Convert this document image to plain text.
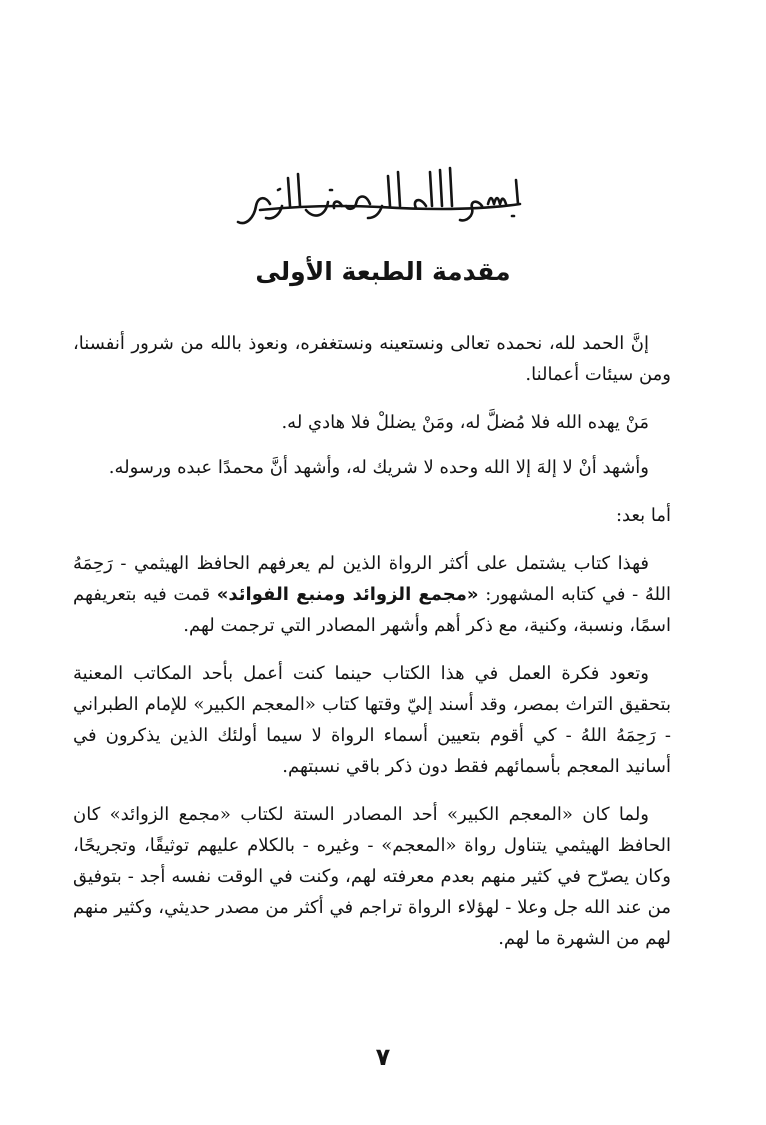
مقدمة الطبعة الأولى

إنَّ الحمد لله، نحمده تعالى ونستعينه ونستغفره، ونعوذ بالله من شرور أنفسنا، ومن سيئات أعمالنا.

مَنْ يهده الله فلا مُضلَّ له، ومَنْ يضللْ فلا هادي له.

وأشهد أنْ لا إلهَ إلا الله وحده لا شريك له، وأشهد أنَّ محمدًا عبده ورسوله.

أما بعد:

فهذا كتاب يشتمل على أكثر الرواة الذين لم يعرفهم الحافظ الهيثمي - رَحِمَهُ اللهُ - في كتابه المشهور: «مجمع الزوائد ومنبع الفوائد» قمت فيه بتعريفهم اسمًا، ونسبة، وكنية، مع ذكر أهم وأشهر المصادر التي ترجمت لهم.

وتعود فكرة العمل في هذا الكتاب حينما كنت أعمل بأحد المكاتب المعنية بتحقيق التراث بمصر، وقد أسند إليّ وقتها كتاب «المعجم الكبير» للإمام الطبراني - رَحِمَهُ اللهُ - كي أقوم بتعيين أسماء الرواة لا سيما أولئك الذين يذكرون في أسانيد المعجم بأسمائهم فقط دون ذكر باقي نسبتهم.

ولما كان «المعجم الكبير» أحد المصادر الستة لكتاب «مجمع الزوائد» كان الحافظ الهيثمي يتناول رواة «المعجم» - وغيره - بالكلام عليهم توثيقًا، وتجريحًا، وكان يصرّح في كثير منهم بعدم معرفته لهم، وكنت في الوقت نفسه أجد - بتوفيق من عند الله جل وعلا - لهؤلاء الرواة تراجم في أكثر من مصدر حديثي، وكثير منهم لهم من الشهرة ما لهم.

٧
